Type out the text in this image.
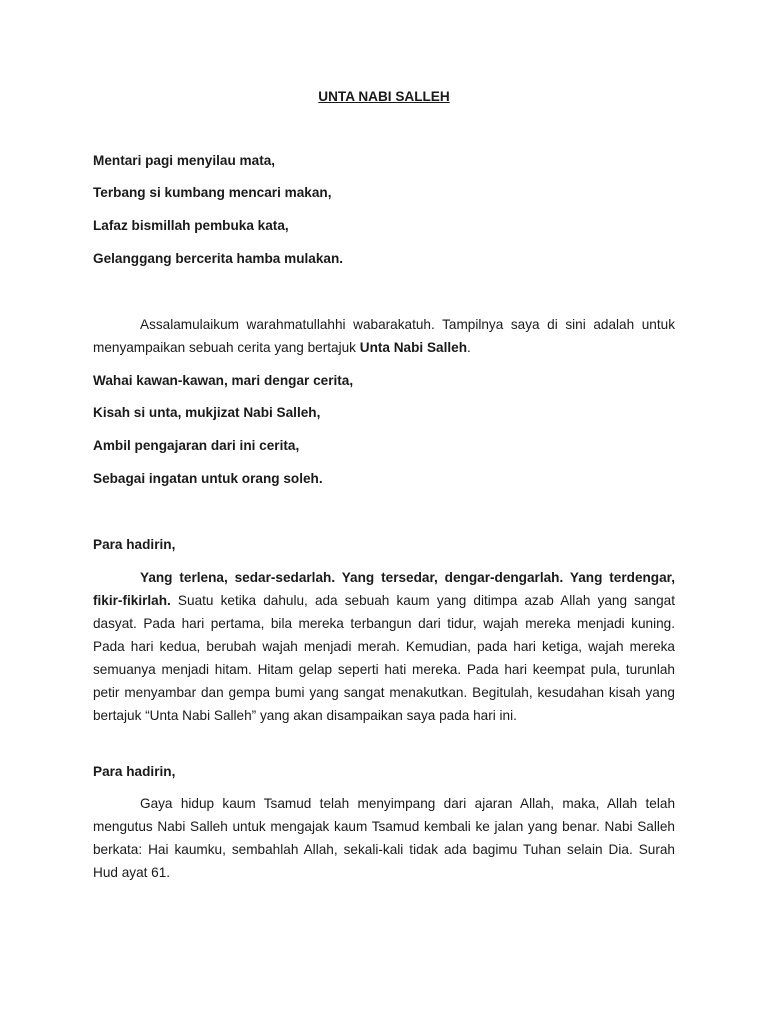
UNTA NABI SALLEH

Mentari pagi menyilau mata,

Terbang si kumbang mencari makan,

Lafaz bismillah pembuka kata,

Gelanggang bercerita hamba mulakan.

Assalamulaikum warahmatullahhi wabarakatuh. Tampilnya saya di sini adalah untuk menyampaikan sebuah cerita yang bertajuk Unta Nabi Salleh.

Wahai kawan-kawan, mari dengar cerita,

Kisah si unta, mukjizat Nabi Salleh,

Ambil pengajaran dari ini cerita,

Sebagai ingatan untuk orang soleh.

Para hadirin,

Yang terlena, sedar-sedarlah. Yang tersedar, dengar-dengarlah. Yang terdengar, fikir-fikirlah. Suatu ketika dahulu, ada sebuah kaum yang ditimpa azab Allah yang sangat dasyat. Pada hari pertama, bila mereka terbangun dari tidur, wajah mereka menjadi kuning. Pada hari kedua, berubah wajah menjadi merah. Kemudian, pada hari ketiga, wajah mereka semuanya menjadi hitam. Hitam gelap seperti hati mereka. Pada hari keempat pula, turunlah petir menyambar dan gempa bumi yang sangat menakutkan. Begitulah, kesudahan kisah yang bertajuk “Unta Nabi Salleh” yang akan disampaikan saya pada hari ini.

Para hadirin,

Gaya hidup kaum Tsamud telah menyimpang dari ajaran Allah, maka, Allah telah mengutus Nabi Salleh untuk mengajak kaum Tsamud kembali ke jalan yang benar. Nabi Salleh berkata: Hai kaumku, sembahlah Allah, sekali-kali tidak ada bagimu Tuhan selain Dia. Surah Hud ayat 61.
